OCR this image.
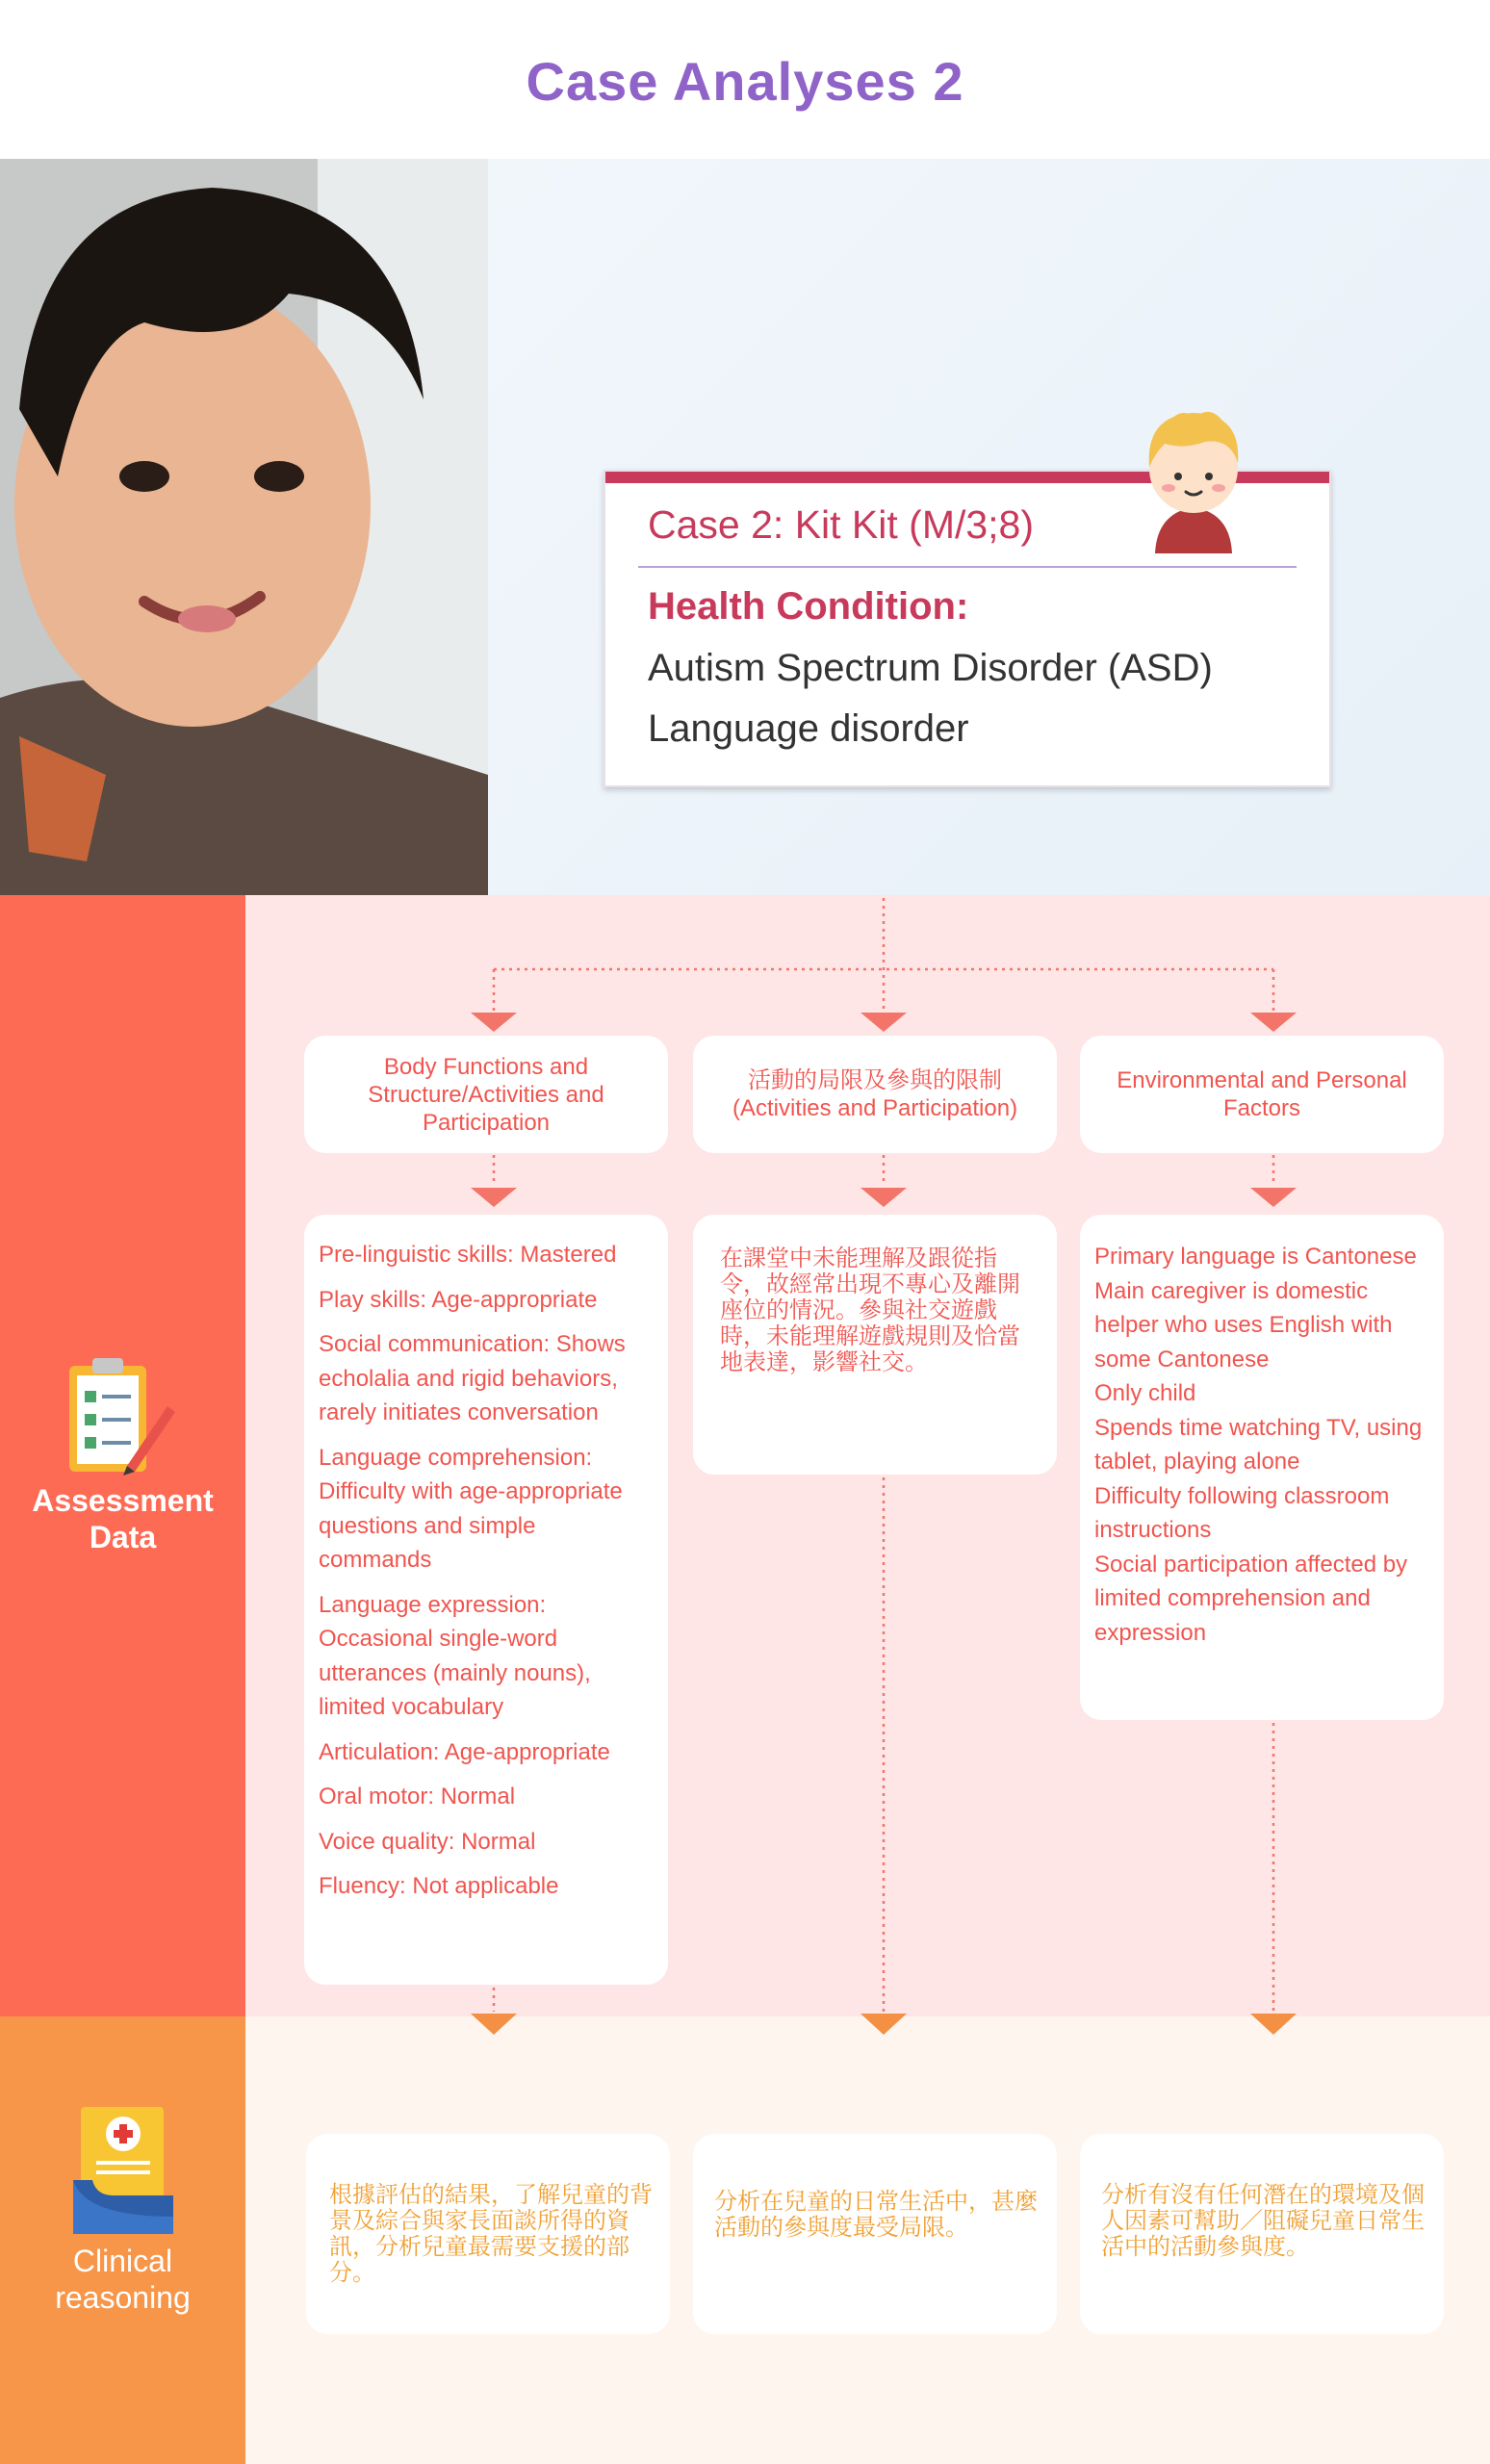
Case Analyses 2
Case 2: Kit Kit (M/3;8)
Health Condition:
Autism Spectrum Disorder (ASD)
Language disorder
Assessment
Data
Clinical
reasoning
Body Functions and Structure/Activities and Participation
活動的局限及參與的限制 (Activities and Participation)
Environmental and Personal Factors

Pre-linguistic skills: Mastered

Play skills: Age-appropriate

Social communication: Shows echolalia and rigid behaviors, rarely initiates conversation

Language comprehension: Difficulty with age-appropriate questions and simple commands

Language expression: Occasional single-word utterances (mainly nouns), limited vocabulary

Articulation: Age-appropriate

Oral motor: Normal

Voice quality: Normal

Fluency: Not applicable

在課堂中未能理解及跟從指令，故經常出現不專心及離開座位的情況。參與社交遊戲時，未能理解遊戲規則及恰當地表達，影響社交。
Primary language is Cantonese
Main caregiver is domestic helper who uses English with some Cantonese
Only child
Spends time watching TV, using tablet, playing alone
Difficulty following classroom instructions
Social participation affected by limited comprehension and expression
根據評估的結果，了解兒童的背景及綜合與家長面談所得的資訊，分析兒童最需要支援的部分。
分析在兒童的日常生活中，甚麼活動的參與度最受局限。
分析有沒有任何潛在的環境及個人因素可幫助／阻礙兒童日常生活中的活動參與度。
